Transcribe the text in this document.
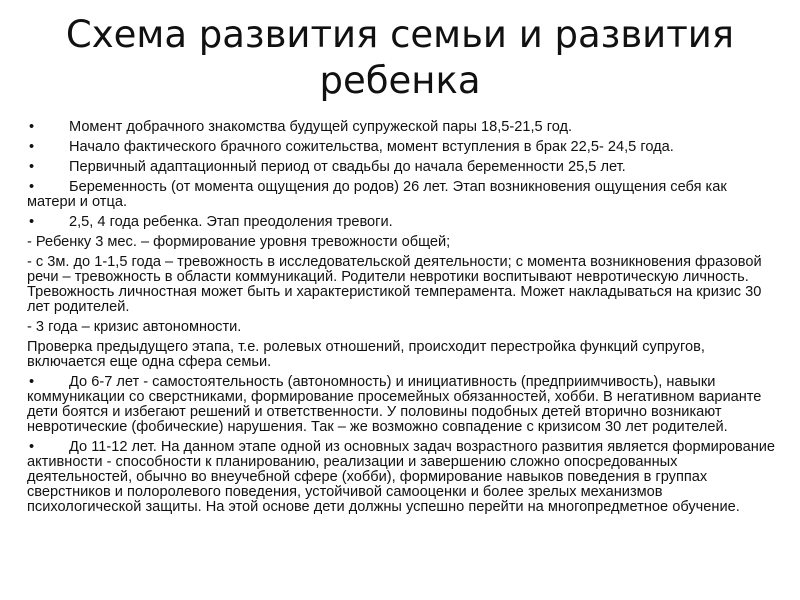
Схема развития семьи и развития ребенка

• Момент добрачного знакомства будущей супружеской пары 18,5-21,5 год.

• Начало фактического брачного сожительства, момент вступления в брак 22,5- 24,5 года.

• Первичный адаптационный период от свадьбы до начала беременности 25,5 лет.

• Беременность (от момента ощущения до родов) 26 лет. Этап возникновения ощущения себя как матери и отца.

• 2,5, 4 года ребенка. Этап преодоления тревоги.

- Ребенку 3 мес. – формирование уровня тревожности общей;

- с 3м. до 1-1,5 года – тревожность в исследовательской деятельности; с момента возникновения фразовой речи – тревожность в области коммуникаций. Родители невротики воспитывают невротическую личность. Тревожность личностная может быть и характеристикой темперамента. Может накладываться на кризис 30 лет родителей.

- 3 года – кризис автономности.

Проверка предыдущего этапа, т.е. ролевых отношений, происходит перестройка функций супругов, включается еще одна сфера семьи.

• До 6-7 лет - самостоятельность (автономность) и инициативность (предприимчивость), навыки коммуникации со сверстниками, формирование просемейных обязанностей, хобби. В негативном варианте дети боятся и избегают решений и ответственности. У половины подобных детей вторично возникают невротические (фобические) нарушения. Так – же возможно совпадение с кризисом 30 лет родителей.

• До 11-12 лет. На данном этапе одной из основных задач возрастного развития является формирование активности - способности к планированию, реализации и завершению сложно опосредованных деятельностей, обычно во внеучебной сфере (хобби), формирование навыков поведения в группах сверстников и полоролевого поведения, устойчивой самооценки и более зрелых механизмов психологической защиты. На этой основе дети должны успешно перейти на многопредметное обучение.
